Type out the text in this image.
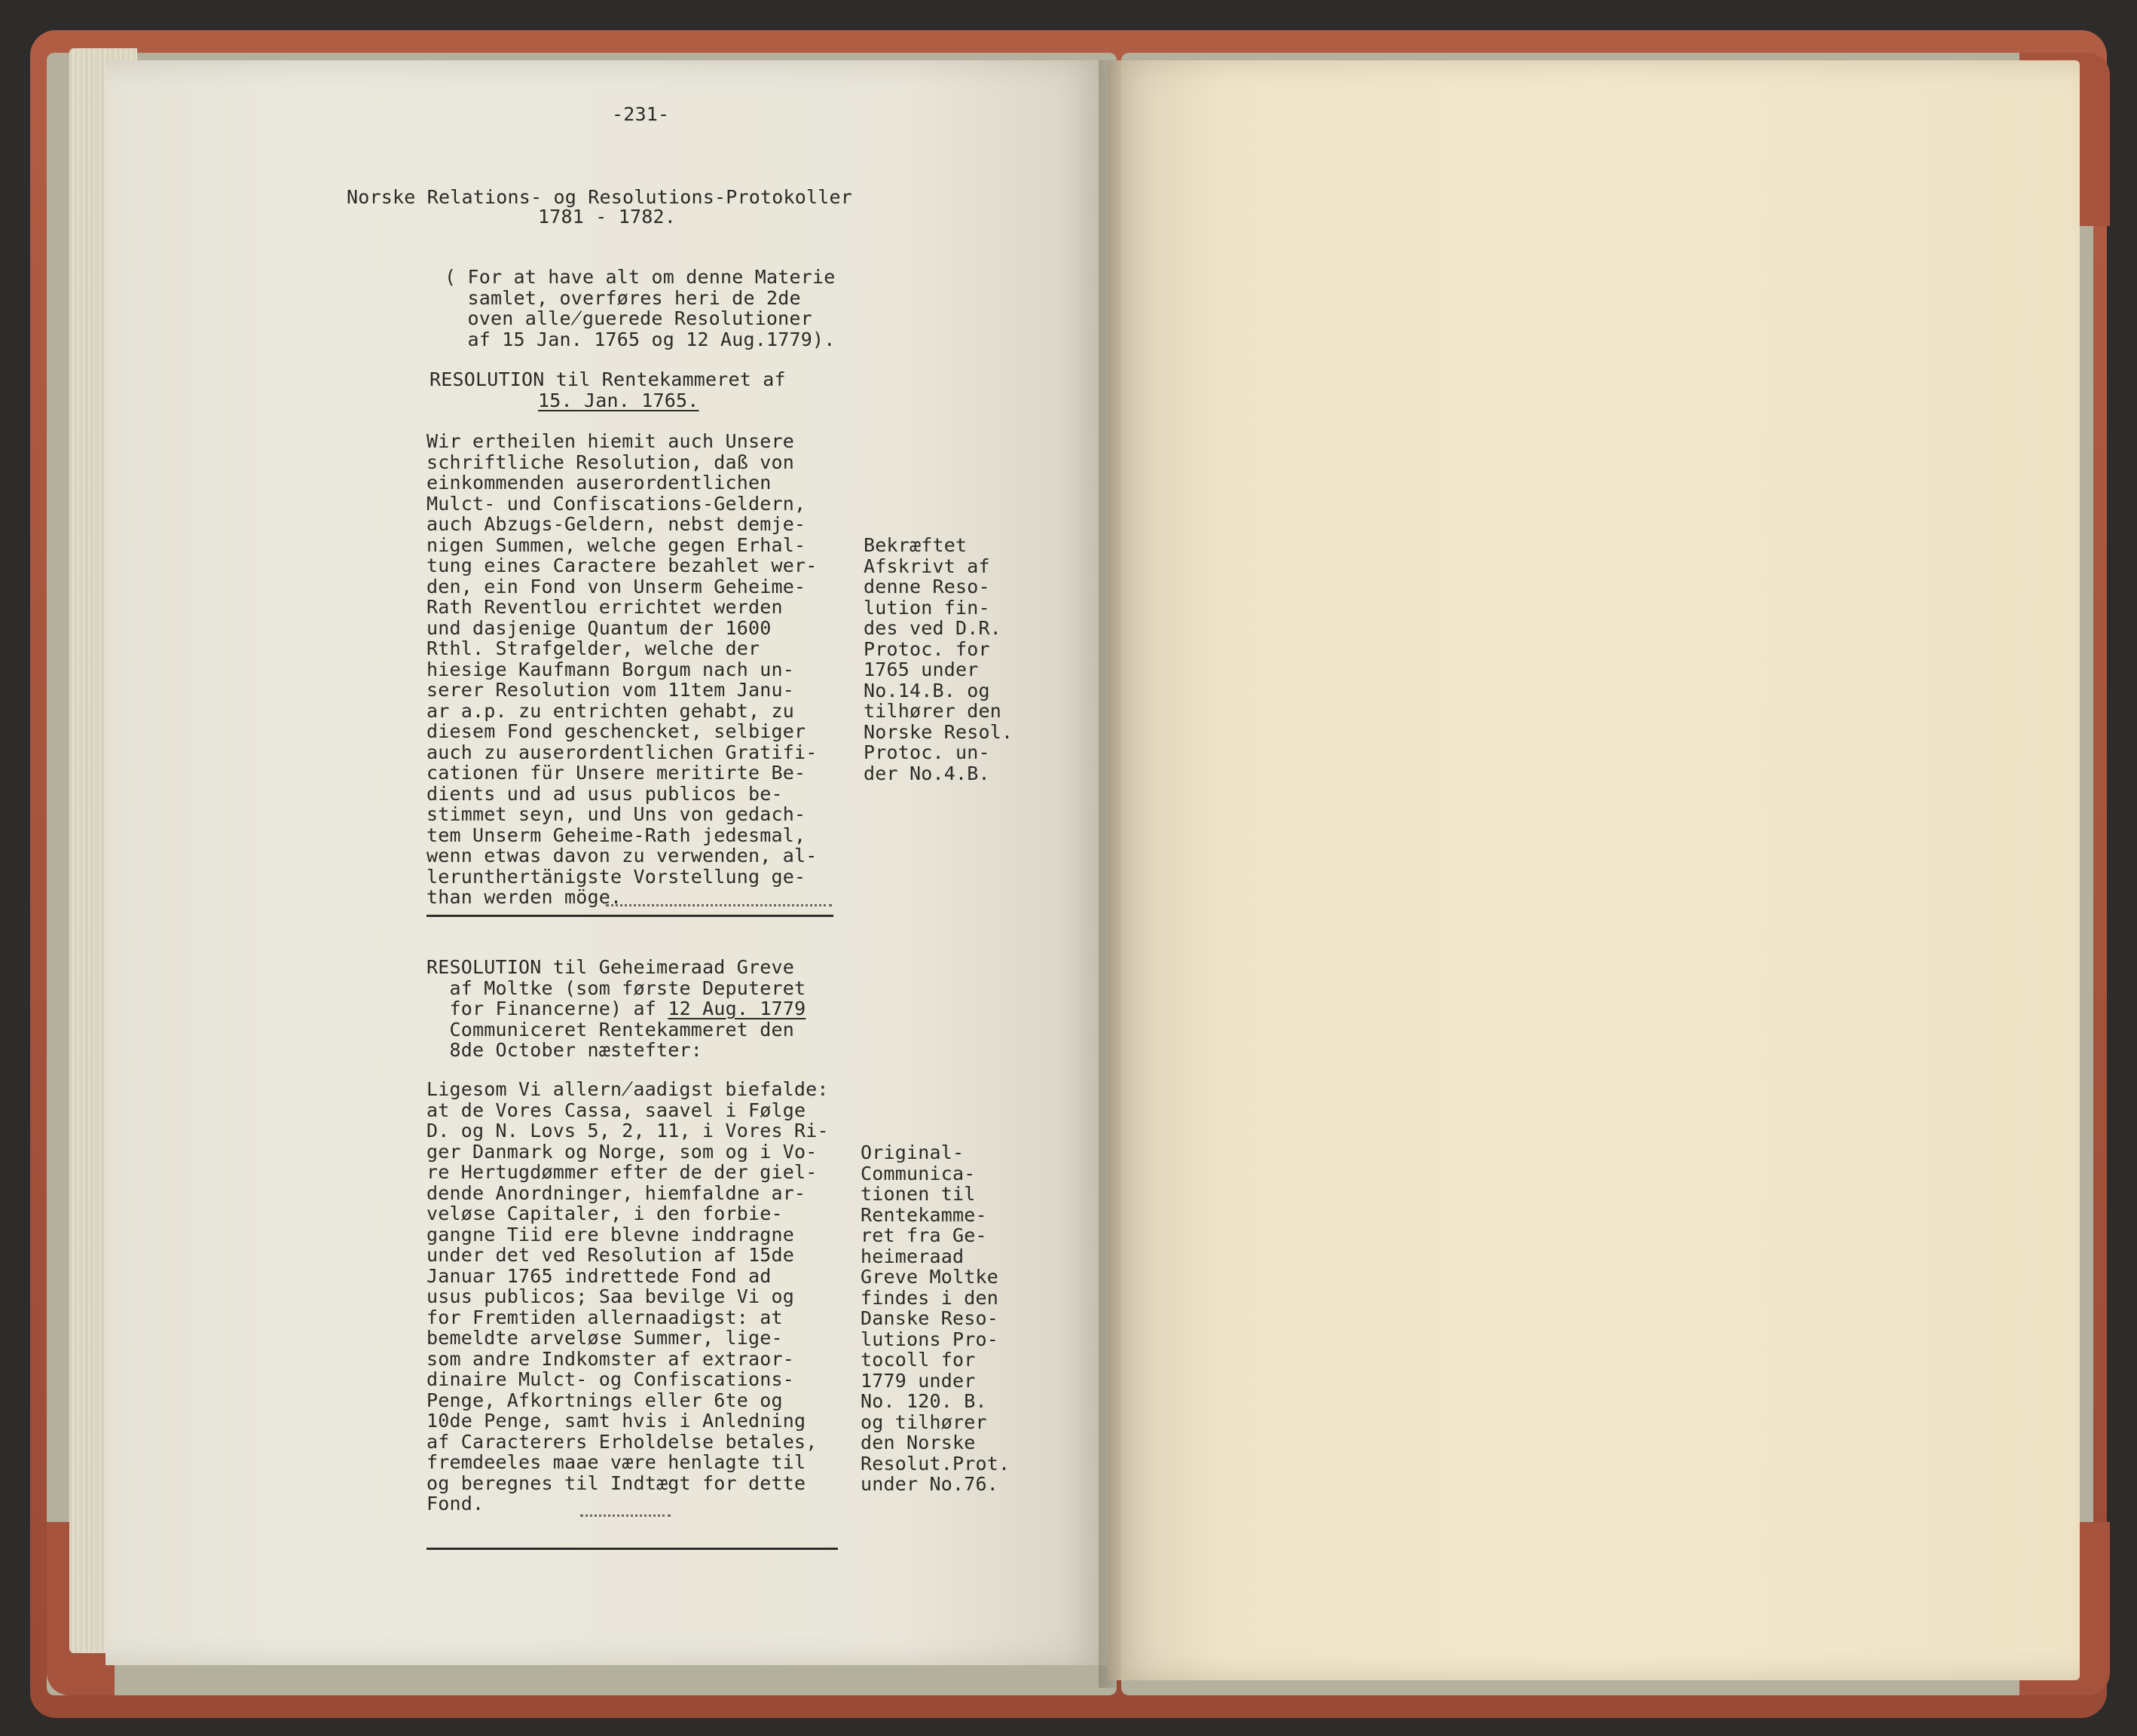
-231-
Norske Relations- og Resolutions-Protokoller
1781 - 1782.
( For at have alt om denne Materie
samlet, overføres heri de 2de
oven alle̸guerede Resolutioner
af 15 Jan. 1765 og 12 Aug.1779).
RESOLUTION til Rentekammeret af
15. Jan. 1765.
Wir ertheilen hiemit auch Unsere
schriftliche Resolution, daß von
einkommenden auserordentlichen
Mulct- und Confiscations-Geldern,
auch Abzugs-Geldern, nebst demje-
nigen Summen, welche gegen Erhal-
tung eines Caractere bezahlet wer-
den, ein Fond von Unserm Geheime-
Rath Reventlou errichtet werden
und dasjenige Quantum der 1600
Rthl. Strafgelder, welche der
hiesige Kaufmann Borgum nach un-
serer Resolution vom 11tem Janu-
ar a.p. zu entrichten gehabt, zu
diesem Fond geschencket, selbiger
auch zu auserordentlichen Gratifi-
cationen für Unsere meritirte Be-
dients und ad usus publicos be-
stimmet seyn, und Uns von gedach-
tem Unserm Geheime-Rath jedesmal,
wenn etwas davon zu verwenden, al-
lerunthertänigste Vorstellung ge-
than werden möge.
Bekræftet
Afskrivt af
denne Reso-
lution fin-
des ved D.R.
Protoc. for
1765 under
No.14.B. og
tilhører den
Norske Resol.
Protoc. un-
der No.4.B.
RESOLUTION til Geheimeraad Greve
af Moltke (som første Deputeret
for Financerne) af 12 Aug. 1779
Communiceret Rentekammeret den
8de October næstefter:
Ligesom Vi allern̸aadigst biefalde:
at de Vores Cassa, saavel i Følge
D. og N. Lovs 5, 2, 11, i Vores Ri-
ger Danmark og Norge, som og i Vo-
re Hertugdømmer efter de der giel-
dende Anordninger, hiemfaldne ar-
veløse Capitaler, i den forbie-
gangne Tiid ere blevne inddragne
under det ved Resolution af 15de
Januar 1765 indrettede Fond ad
usus publicos; Saa bevilge Vi og
for Fremtiden allernaadigst: at
bemeldte arveløse Summer, lige-
som andre Indkomster af extraor-
dinaire Mulct- og Confiscations-
Penge, Afkortnings eller 6te og
10de Penge, samt hvis i Anledning
af Caracterers Erholdelse betales,
fremdeeles maae være henlagte til
og beregnes til Indtægt for dette
Fond.
Original-
Communica-
tionen til
Rentekamme-
ret fra Ge-
heimeraad
Greve Moltke
findes i den
Danske Reso-
lutions Pro-
tocoll for
1779 under
No. 120. B.
og tilhører
den Norske
Resolut.Prot.
under No.76.
